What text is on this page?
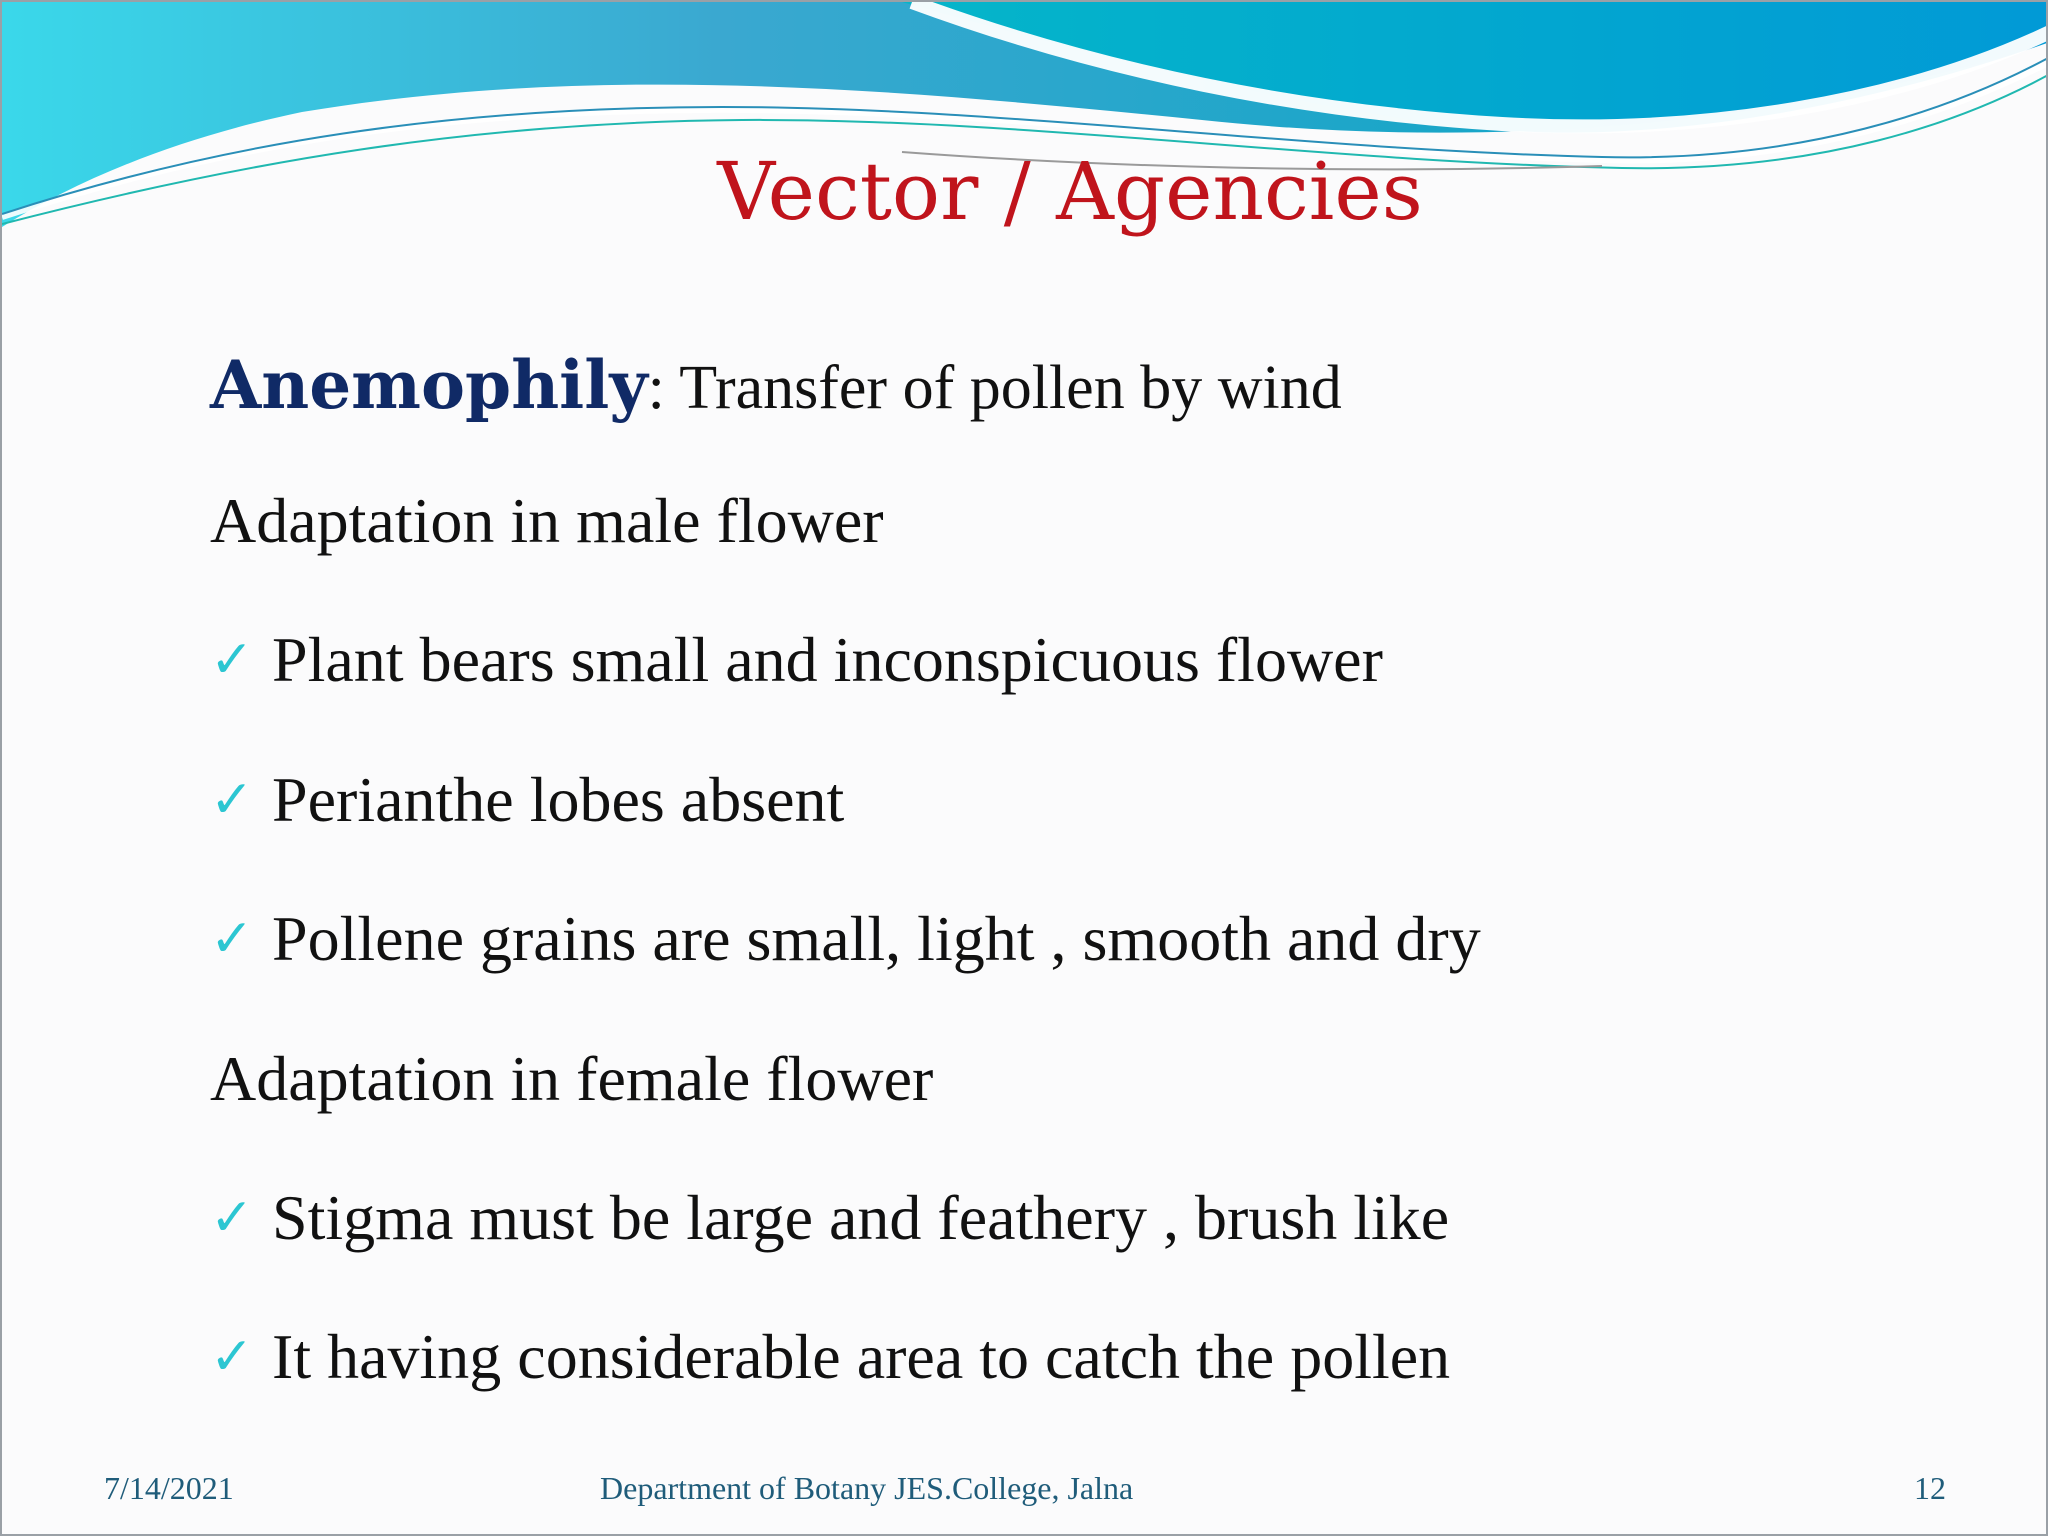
Vector / Agencies
Anemophily: Transfer of pollen by wind
Adaptation in male flower
✓ Plant bears small and inconspicuous flower
✓ Perianthe lobes absent
✓ Pollene grains are small, light , smooth and dry
Adaptation in female flower
✓ Stigma must be large and feathery , brush like
✓ It having considerable area to catch the pollen
7/14/2021	Department of Botany JES.College, Jalna	12
